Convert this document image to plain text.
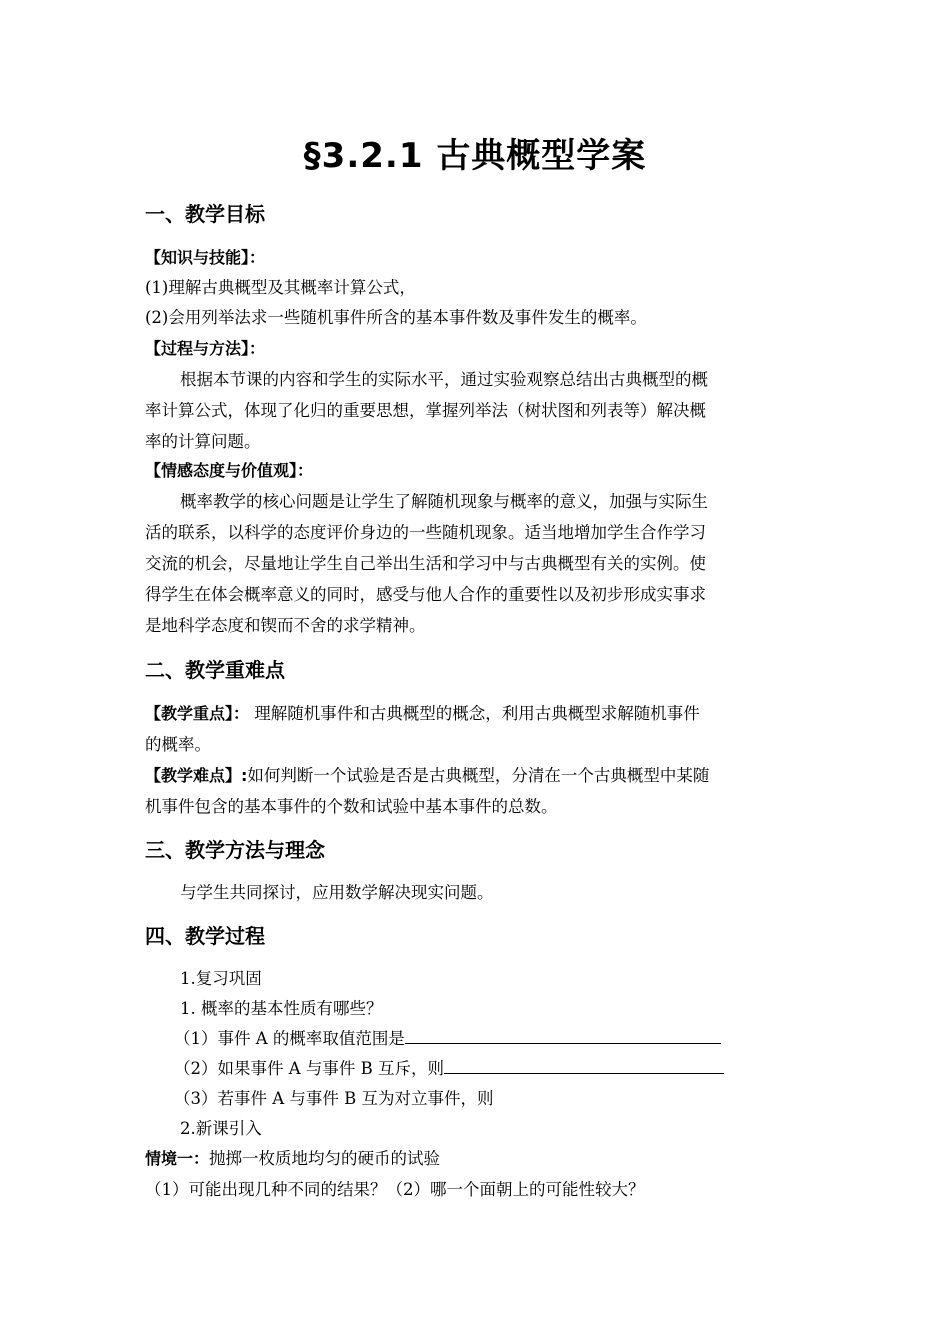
§3.2.1 古典概型学案
一、教学目标
【知识与技能】：
(1)理解古典概型及其概率计算公式，
(2)会用列举法求一些随机事件所含的基本事件数及事件发生的概率。
【过程与方法】：
根据本节课的内容和学生的实际水平，通过实验观察总结出古典概型的概
率计算公式，体现了化归的重要思想，掌握列举法（树状图和列表等）解决概
率的计算问题。
【情感态度与价值观】：
概率教学的核心问题是让学生了解随机现象与概率的意义，加强与实际生
活的联系，以科学的态度评价身边的一些随机现象。适当地增加学生合作学习
交流的机会，尽量地让学生自己举出生活和学习中与古典概型有关的实例。使
得学生在体会概率意义的同时，感受与他人合作的重要性以及初步形成实事求
是地科学态度和锲而不舍的求学精神。
二、教学重难点
【教学重点】： 理解随机事件和古典概型的概念，利用古典概型求解随机事件
的概率。
【教学难点】:如何判断一个试验是否是古典概型，分清在一个古典概型中某随
机事件包含的基本事件的个数和试验中基本事件的总数。
三、教学方法与理念
与学生共同探讨，应用数学解决现实问题。
四、教学过程
1.复习巩固
1. 概率的基本性质有哪些？
（1）事件 A 的概率取值范围是
（2）如果事件 A 与事件 B 互斥，则
（3）若事件 A 与事件 B 互为对立事件，则
2.新课引入
情境一：抛掷一枚质地均匀的硬币的试验
（1）可能出现几种不同的结果？（2）哪一个面朝上的可能性较大？
